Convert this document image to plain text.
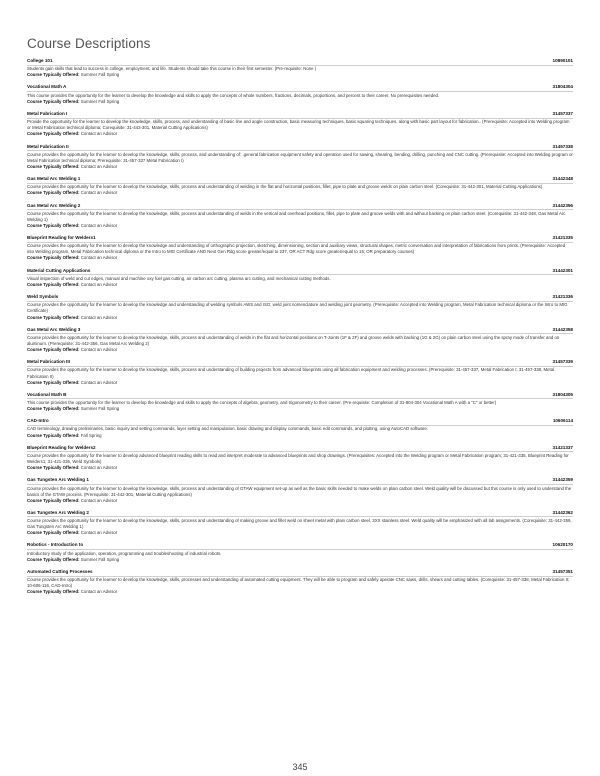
Course Descriptions
College 101	10890101
Students gain skills that lead to success in college, employment, and life. Students should take this course in their first semester. (Pre-requisite: None )
Course Typically Offered: Summer Fall Spring
Vocational Math A	31804304
This course provides the opportunity for the learner to develop the knowledge and skills to apply the concepts of whole numbers, fractions, decimals, proportions, and percent to their career. No prerequisites needed.
Course Typically Offered: Summer Fall Spring
Metal Fabrication I	31457337
Provide the opportunity for the learner to develop the knowledge, skills, process, and understanding of basic line and angle construction, basic measuring techniques, basic squaring techniques, along with basic part layout for fabrication.. (Prerequisite: Accepted into Welding program or Metal Fabrication technical diploma; Corequisite: 31-442-301, Material Cutting Applications)
Course Typically Offered: Contact an Advisor
Metal Fabrication II	31457338
Course provides the opportunity for the learner to develop the knowledge, skills, process, and understanding of: .general fabrication equipment safety and operation used for sawing, shearing, bending, drilling, punching and CNC cutting. (Prerequisite: Accepted into Welding program or Metal Fabrication technical diploma; Prerequisite: 31-457-337 Metal Fabrication I)
Course Typically Offered: Contact an Advisor
Gas Metal Arc Welding 1	31442348
Course provides the opportunity for the learner to develop the knowledge, skills, process and understanding of welding in the flat and horizontal positions, fillet, pipe to plate and groove welds on plain carbon steel. (Corequisite: 31-442-301, Material Cutting Applications)
Course Typically Offered: Contact an Advisor
Gas Metal Arc Welding 2	31442356
Course provides the opportunity for the learner to develop the knowledge, skills, process and understanding of welds in the vertical and overhead positions, fillet, pipe to plate and groove welds with and without backing on plain carbon steel. (Corequisite: 31-442-348, Gas Metal Arc Welding 1)
Course Typically Offered: Contact an Advisor
Blueprint Reading for Welders1	31421335
Course provides the opportunity for the learner to develop the knowledge and understanding of orthographic projection, sketching, dimensioning, section and auxiliary views, structural shapes, metric conversation and interpretation of fabrications from prints. (Prerequisite: Accepted into Welding program, Metal Fabrication technical diploma or the Intro to MIG Certificate AND Next Gen Rdg score greater/equal to 237, OR ACT Rdg score greater/equal to 15; OR preparatory courses)
Course Typically Offered: Contact an Advisor
Material Cutting Applications	31442301
Visual inspection of weld and cut edges, manual and machine oxy fuel gas cutting, air carbon arc cutting, plasma arc cutting, and mechanical cutting methods.
Course Typically Offered: Contact an Advisor
Weld Symbols	31421336
Course provides the opportunity for the learner to develop the knowledge and understanding of welding symbols AWS and ISO, weld joint nomenclature and welding joint geometry. (Prerequisite: Accepted into Welding program, Metal Fabrication technical diploma or the Intro to MIG Certificate)
Course Typically Offered: Contact an Advisor
Gas Metal Arc Welding 3	31442358
Course provides the opportunity for the learner to develop the knowledge, skills, process and understanding of welds in the flat and horizontal positions on T-Joints (1F & 2F) and groove welds with backing (1G & 2G) on plain carbon steel using the spray mode of transfer and on aluminum. (Prerequisite: 31-442-356, Gas Metal Arc Welding 2)
Course Typically Offered: Contact an Advisor
Metal Fabrication III	31457339
Course provides the opportunity for the learner to develop the knowledge, skills, process and understanding of building projects from advanced blueprints using all fabrication equipment and welding processes. (Prerequisite: 31-457-337, Metal Fabrication I; 31-457-338, Metal Fabrication II)
Course Typically Offered: Contact an Advisor
Vocational Math B	31804305
This course provides the opportunity for the learner to develop the knowledge and skills to apply the concepts of algebra, geometry, and trigonometry to their career. (Pre-requisite: Completion of 31-804-304 Vocational Math A with a "C" or better)
Course Typically Offered: Summer Fall Spring
CAD-Intro	10606114
CAD terminology, drawing preliminaries, basic inquiry and setting commands, layer setting and manipulation, basic drawing and display commands, basic edit commands, and plotting, using AutoCAD software.
Course Typically Offered: Fall Spring
Blueprint Reading for Welders2	31421337
Course provides the opportunity for the learner to develop advanced blueprint reading skills to read and interpret moderate to advanced blueprints and shop drawings. (Prerequisites: Accepted into the Welding program or Metal Fabrication program; 31-421-335, Blueprint Reading for Welders1; 31-421-336, Weld Symbols)
Course Typically Offered: Contact an Advisor
Gas Tungsten Arc Welding 1	31442359
Course provides the opportunity for the learner to develop the knowledge, skills, process and understanding of GTAW equipment set-up as well as the basic skills needed to make welds on plain carbon steel. Weld quality will be discussed but this course is only used to understand the basics of the GTAW process. (Prerequisite: 31-442-301, Material Cutting Applications)
Course Typically Offered: Contact an Advisor
Gas Tungsten Arc Welding 2	31442362
Course provides the opportunity for the learner to develop the knowledge, skills, process and understanding of making groove and fillet weld on sheet metal with plain carbon steel, 3XX stainless steel. Weld quality will be emphasized with all lab assignments. (Corequisite: 31-442-359, Gas Tungsten Arc Welding 1)
Course Typically Offered: Contact an Advisor
Robotics - Introduction to	10620170
Introductory study of the application, operation, programming and troubleshooting of industrial robots.
Course Typically Offered: Summer Fall Spring
Automated Cutting Processes	31457351
Course provides the opportunity for the learner to develop the knowledge, skills, processes and understanding of automated cutting equipment. They will be able to program and safely operate CNC saws, drills, shears and cutting tables. (Corequisite: 31-457-338, Metal Fabrication II; 10-606-116, CAD-Intro)
Course Typically Offered: Contact an Advisor
345
